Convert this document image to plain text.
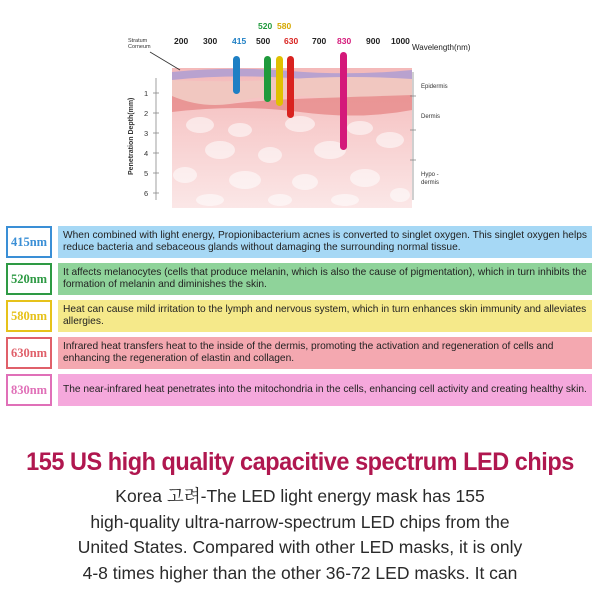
Stratum
Corneum
200 300 415 500 630 700 830 900 1000
520 580
Wavelength(nm)
Penetration Depth(mm)
1
2
3
4
5
6
Epidermis
Dermis
Hypo -
dermis
415nm	When combined with light energy, Propionibacterium acnes is converted to singlet oxygen. This singlet oxygen helps reduce bacteria and sebaceous glands without damaging the surrounding normal tissue.
520nm	It affects melanocytes (cells that produce melanin, which is also the cause of pigmentation), which in turn inhibits the formation of melanin and diminishes the skin.
580nm	Heat can cause mild irritation to the lymph and nervous system, which in turn enhances skin immunity and alleviates allergies.
630nm	Infrared heat transfers heat to the inside of the dermis, promoting the activation and regeneration of cells and enhancing the regeneration of elastin and collagen.
830nm	The near-infrared heat penetrates into the mitochondria in the cells, enhancing cell activity and creating healthy skin.
155 US high quality capacitive spectrum LED chips
Korea 고려-The LED light energy mask has 155
high-quality ultra-narrow-spectrum LED chips from the
United States. Compared with other LED masks, it is only
4-8 times higher than the other 36-72 LED masks. It can
